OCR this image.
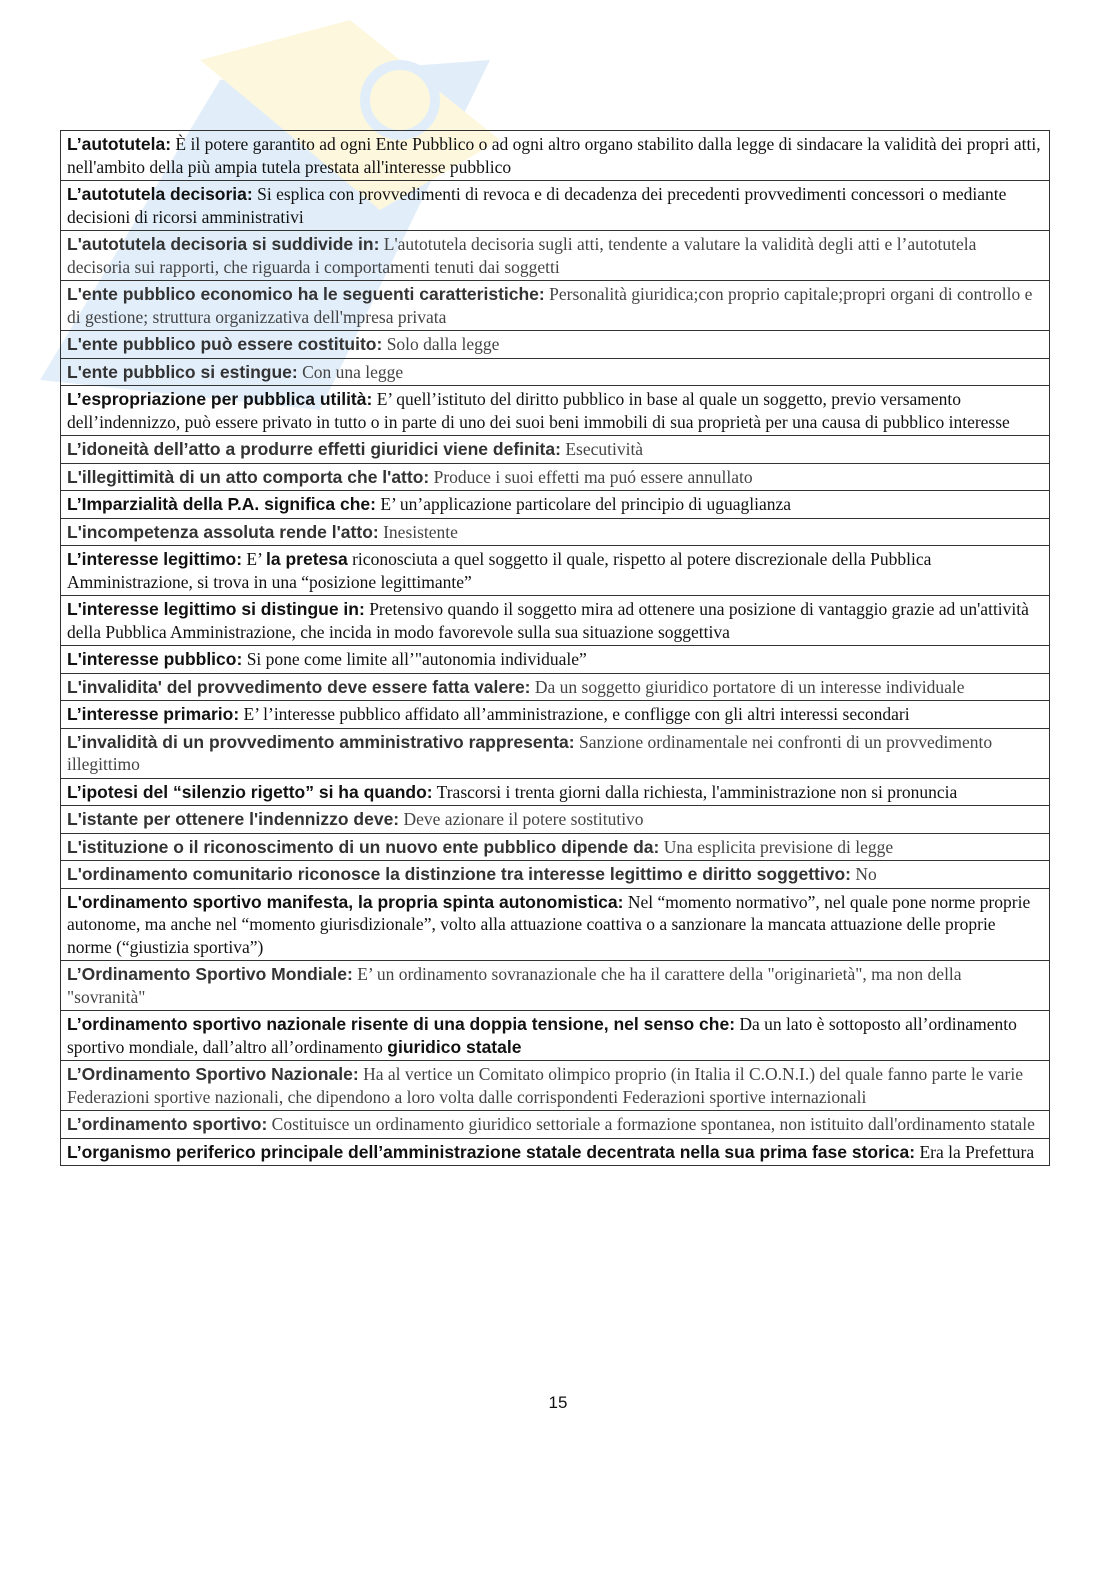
L’autotutela: È il potere garantito ad ogni Ente Pubblico o ad ogni altro organo stabilito dalla legge di sindacare la validità dei propri atti, nell'ambito della più ampia tutela prestata all'interesse pubblico
L’autotutela decisoria: Si esplica con provvedimenti di revoca e di decadenza dei precedenti provvedimenti concessori o mediante decisioni di ricorsi amministrativi
L'autotutela decisoria si suddivide in: L'autotutela decisoria sugli atti, tendente a valutare la validità degli atti e l’autotutela decisoria sui rapporti, che riguarda i comportamenti tenuti dai soggetti
L'ente pubblico economico ha le seguenti caratteristiche: Personalità giuridica;con proprio capitale;propri organi di controllo e di gestione; struttura organizzativa dell'mpresa privata
L'ente pubblico può essere costituito: Solo dalla legge
L'ente pubblico si estingue: Con una legge
L’espropriazione per pubblica utilità: E’ quell’istituto del diritto pubblico in base al quale un soggetto, previo versamento dell’indennizzo, può essere privato in tutto o in parte di uno dei suoi beni immobili di sua proprietà per una causa di pubblico interesse
L’idoneità dell’atto a produrre effetti giuridici viene definita: Esecutività
L'illegittimità di un atto comporta che l'atto: Produce i suoi effetti ma puó essere annullato
L’Imparzialità della P.A. significa che: E’ un’applicazione particolare del principio di uguaglianza
L'incompetenza assoluta rende l'atto: Inesistente
L’interesse legittimo: E’ la pretesa riconosciuta a quel soggetto il quale, rispetto al potere discrezionale della Pubblica Amministrazione, si trova in una “posizione legittimante”
L'interesse legittimo si distingue in: Pretensivo quando il soggetto mira ad ottenere una posizione di vantaggio grazie ad un'attività della Pubblica Amministrazione, che incida in modo favorevole sulla sua situazione soggettiva
L'interesse pubblico: Si pone come limite all’"autonomia individuale”
L'invalidita' del provvedimento deve essere fatta valere: Da un soggetto giuridico portatore di un interesse individuale
L’interesse primario: E’ l’interesse pubblico affidato all’amministrazione, e confligge con gli altri interessi secondari
L’invalidità di un provvedimento amministrativo rappresenta: Sanzione ordinamentale nei confronti di un provvedimento illegittimo
L’ipotesi del “silenzio rigetto” si ha quando: Trascorsi i trenta giorni dalla richiesta, l'amministrazione non si pronuncia
L'istante per ottenere l'indennizzo deve: Deve azionare il potere sostitutivo
L'istituzione o il riconoscimento di un nuovo ente pubblico dipende da: Una esplicita previsione di legge
L'ordinamento comunitario riconosce la distinzione tra interesse legittimo e diritto soggettivo: No
L'ordinamento sportivo manifesta, la propria spinta autonomistica: Nel “momento normativo”, nel quale pone norme proprie autonome, ma anche nel “momento giurisdizionale”, volto alla attuazione coattiva o a sanzionare la mancata attuazione delle proprie norme (“giustizia sportiva”)
L’Ordinamento Sportivo Mondiale: E’ un ordinamento sovranazionale che ha il carattere della "originarietà", ma non della "sovranità"
L’ordinamento sportivo nazionale risente di una doppia tensione, nel senso che: Da un lato è sottoposto all’ordinamento sportivo mondiale, dall’altro all’ordinamento giuridico statale
L’Ordinamento Sportivo Nazionale: Ha al vertice un Comitato olimpico proprio (in Italia il C.O.N.I.) del quale fanno parte le varie Federazioni sportive nazionali, che dipendono a loro volta dalle corrispondenti Federazioni sportive internazionali
L’ordinamento sportivo: Costituisce un ordinamento giuridico settoriale a formazione spontanea, non istituito dall'ordinamento statale
L’organismo periferico principale dell’amministrazione statale decentrata nella sua prima fase storica: Era la Prefettura
15
